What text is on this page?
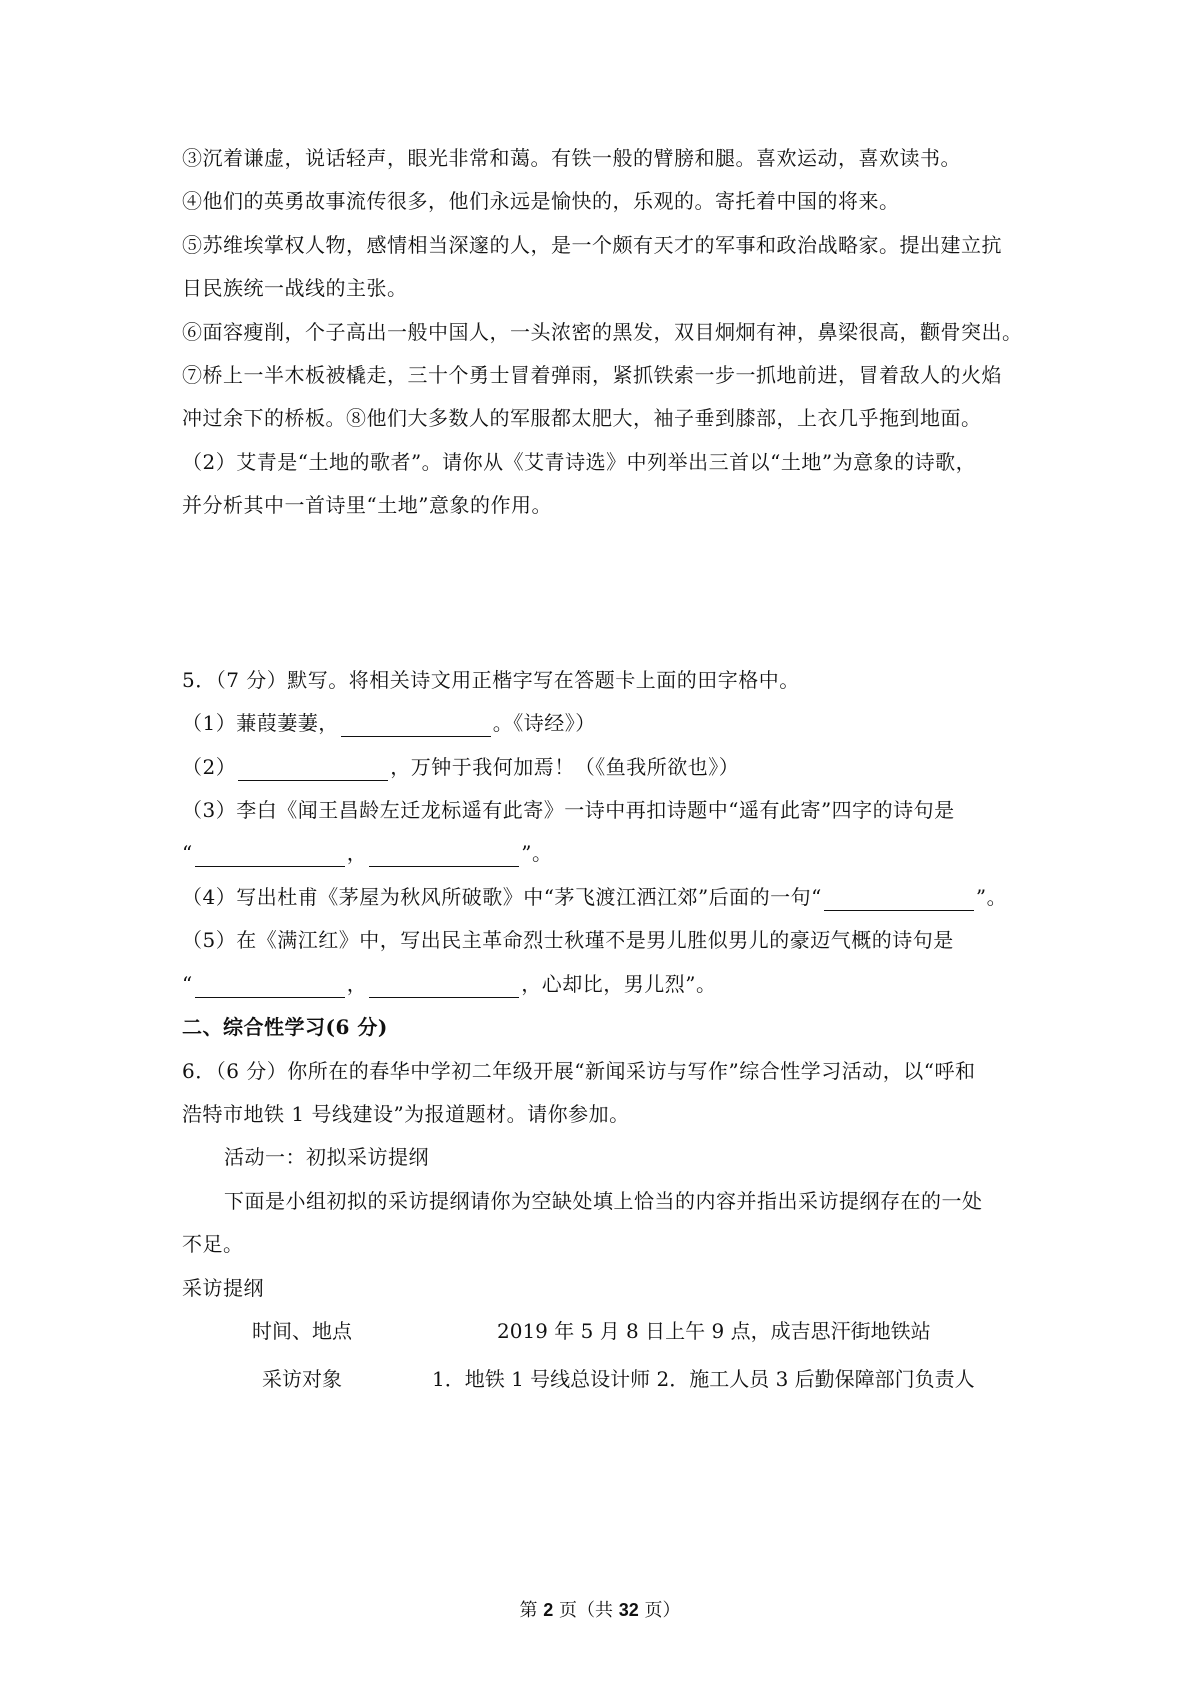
③沉着谦虚，说话轻声，眼光非常和蔼。有铁一般的臂膀和腿。喜欢运动，喜欢读书。
④他们的英勇故事流传很多，他们永远是愉快的，乐观的。寄托着中国的将来。
⑤苏维埃掌权人物，感情相当深邃的人，是一个颇有天才的军事和政治战略家。提出建立抗
日民族统一战线的主张。
⑥面容瘦削，个子高出一般中国人，一头浓密的黑发，双目炯炯有神，鼻梁很高，颧骨突出。
⑦桥上一半木板被橇走，三十个勇士冒着弹雨，紧抓铁索一步一抓地前进，冒着敌人的火焰
冲过余下的桥板。⑧他们大多数人的军服都太肥大，袖子垂到膝部，上衣几乎拖到地面。
（2）艾青是“土地的歌者”。请你从《艾青诗选》中列举出三首以“土地”为意象的诗歌，
并分析其中一首诗里“土地”意象的作用。
5．（7 分）默写。将相关诗文用正楷字写在答题卡上面的田字格中。
（1）蒹葭萋萋，	。《诗经》）
（2）	，万钟于我何加焉！（《鱼我所欲也》）
（3）李白《闻王昌龄左迁龙标遥有此寄》一诗中再扣诗题中“遥有此寄”四字的诗句是
“	，	”。
（4）写出杜甫《茅屋为秋风所破歌》中“茅飞渡江洒江郊”后面的一句“	”。
（5）在《满江红》中，写出民主革命烈士秋瑾不是男儿胜似男儿的豪迈气概的诗句是
“	，	，心却比，男儿烈”。
二、综合性学习(6 分)
6．（6 分）你所在的春华中学初二年级开展“新闻采访与写作”综合性学习活动，以“呼和
浩特市地铁 1 号线建设”为报道题材。请你参加。
活动一：初拟采访提纲
下面是小组初拟的采访提纲请你为空缺处填上恰当的内容并指出采访提纲存在的一处
不足。
采访提纲
时间、地点	2019 年 5 月 8 日上午 9 点，成吉思汗街地铁站
采访对象	1．地铁 1 号线总设计师 2．施工人员 3 后勤保障部门负责人
第 2 页（共 32 页）
